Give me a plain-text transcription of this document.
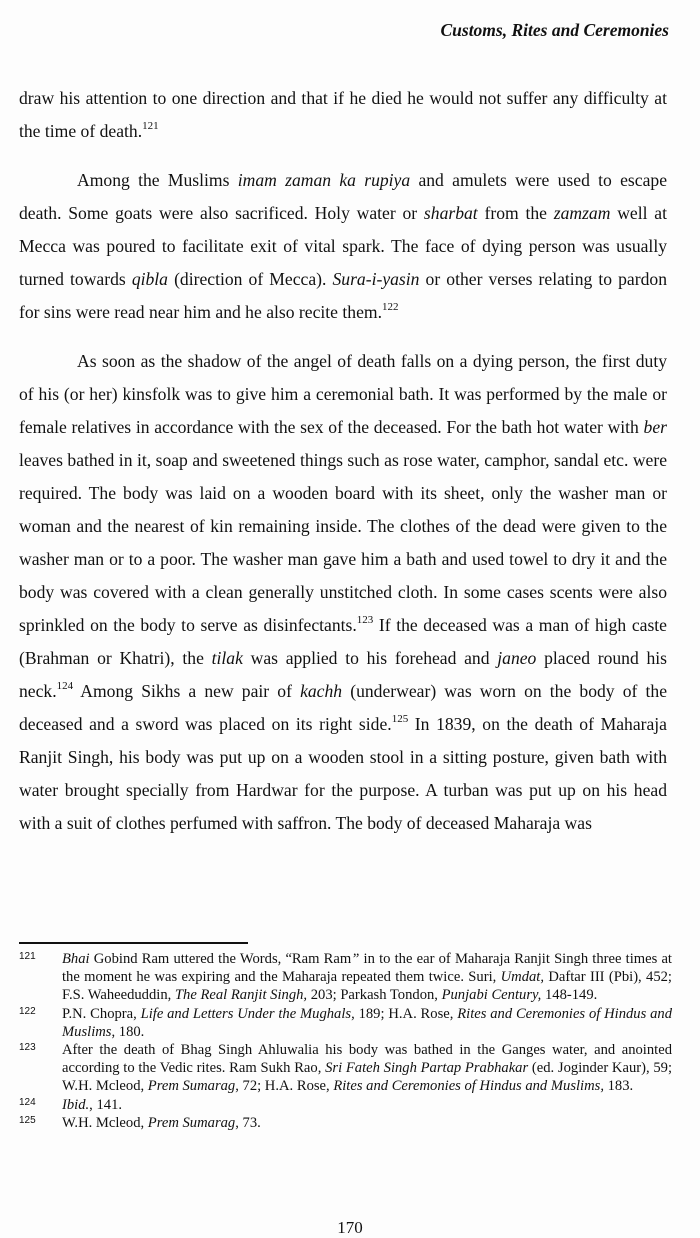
Customs, Rites and Ceremonies

draw his attention to one direction and that if he died he would not suffer any difficulty at the time of death.$^{121}$

Among the Muslims imam zaman ka rupiya and amulets were used to escape death. Some goats were also sacrificed. Holy water or sharbat from the zamzam well at Mecca was poured to facilitate exit of vital spark. The face of dying person was usually turned towards qibla (direction of Mecca). Sura-i-yasin or other verses relating to pardon for sins were read near him and he also recite them.$^{122}$

As soon as the shadow of the angel of death falls on a dying person, the first duty of his (or her) kinsfolk was to give him a ceremonial bath. It was performed by the male or female relatives in accordance with the sex of the deceased. For the bath hot water with ber leaves bathed in it, soap and sweetened things such as rose water, camphor, sandal etc. were required. The body was laid on a wooden board with its sheet, only the washer man or woman and the nearest of kin remaining inside. The clothes of the dead were given to the washer man or to a poor. The washer man gave him a bath and used towel to dry it and the body was covered with a clean generally unstitched cloth. In some cases scents were also sprinkled on the body to serve as disinfectants.$^{123}$ If the deceased was a man of high caste (Brahman or Khatri), the tilak was applied to his forehead and janeo placed round his neck.$^{124}$ Among Sikhs a new pair of kachh (underwear) was worn on the body of the deceased and a sword was placed on its right side.$^{125}$ In 1839, on the death of Maharaja Ranjit Singh, his body was put up on a wooden stool in a sitting posture, given bath with water brought specially from Hardwar for the purpose. A turban was put up on his head with a suit of clothes perfumed with saffron. The body of deceased Maharaja was

121	Bhai Gobind Ram uttered the Words, “Ram Ram” in to the ear of Maharaja Ranjit Singh three times at the moment he was expiring and the Maharaja repeated them twice. Suri, Umdat, Daftar III (Pbi), 452; F.S. Waheeduddin, The Real Ranjit Singh, 203; Parkash Tondon, Punjabi Century, 148-149.
122	P.N. Chopra, Life and Letters Under the Mughals, 189; H.A. Rose, Rites and Ceremonies of Hindus and Muslims, 180.
123	After the death of Bhag Singh Ahluwalia his body was bathed in the Ganges water, and anointed according to the Vedic rites. Ram Sukh Rao, Sri Fateh Singh Partap Prabhakar (ed. Joginder Kaur), 59; W.H. Mcleod, Prem Sumarag, 72; H.A. Rose, Rites and Ceremonies of Hindus and Muslims, 183.
124	Ibid., 141.
125	W.H. Mcleod, Prem Sumarag, 73.
170
